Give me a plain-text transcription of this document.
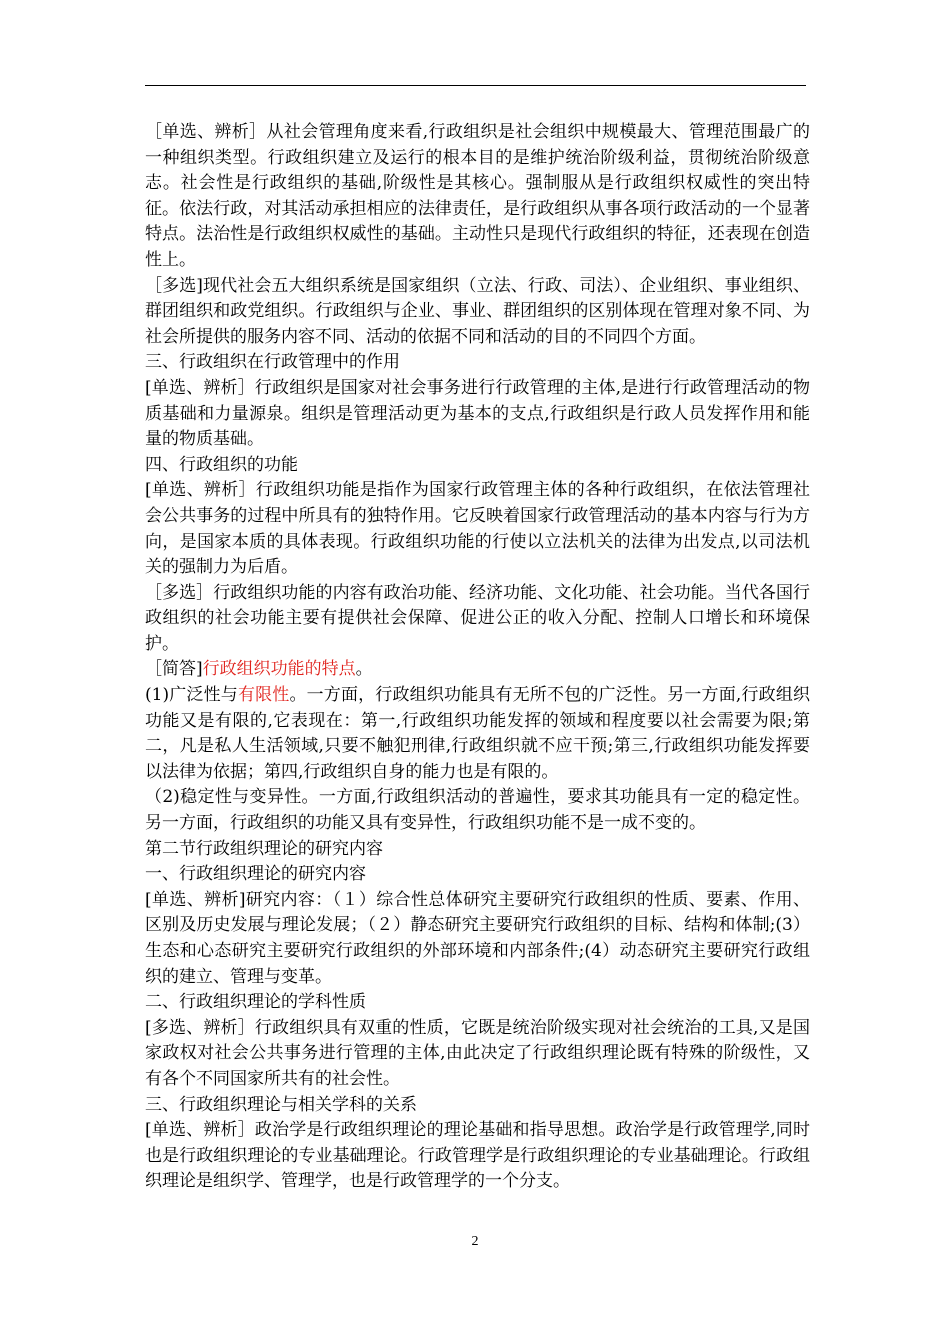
［单选、辨析］从社会管理角度来看,行政组织是社会组织中规模最大、管理范围最广的一种组织类型。行政组织建立及运行的根本目的是维护统治阶级利益，贯彻统治阶级意志。社会性是行政组织的基础,阶级性是其核心。强制服从是行政组织权威性的突出特征。依法行政，对其活动承担相应的法律责任，是行政组织从事各项行政活动的一个显著特点。法治性是行政组织权威性的基础。主动性只是现代行政组织的特征，还表现在创造性上。

［多选]现代社会五大组织系统是国家组织（立法、行政、司法）、企业组织、事业组织、群团组织和政党组织。行政组织与企业、事业、群团组织的区别体现在管理对象不同、为社会所提供的服务内容不同、活动的依据不同和活动的目的不同四个方面。

三、行政组织在行政管理中的作用

[单选、辨析］行政组织是国家对社会事务进行行政管理的主体,是进行行政管理活动的物质基础和力量源泉。组织是管理活动更为基本的支点,行政组织是行政人员发挥作用和能量的物质基础。

四、行政组织的功能

[单选、辨析］行政组织功能是指作为国家行政管理主体的各种行政组织，在依法管理社会公共事务的过程中所具有的独特作用。它反映着国家行政管理活动的基本内容与行为方向，是国家本质的具体表现。行政组织功能的行使以立法机关的法律为出发点,以司法机关的强制力为后盾。

［多选］行政组织功能的内容有政治功能、经济功能、文化功能、社会功能。当代各国行政组织的社会功能主要有提供社会保障、促进公正的收入分配、控制人口增长和环境保护。

［简答]行政组织功能的特点。

(1)广泛性与有限性。一方面，行政组织功能具有无所不包的广泛性。另一方面,行政组织功能又是有限的,它表现在：第一,行政组织功能发挥的领域和程度要以社会需要为限;第二，凡是私人生活领域,只要不触犯刑律,行政组织就不应干预;第三,行政组织功能发挥要以法律为依据；第四,行政组织自身的能力也是有限的。

（2)稳定性与变异性。一方面,行政组织活动的普遍性，要求其功能具有一定的稳定性。另一方面，行政组织的功能又具有变异性，行政组织功能不是一成不变的。

第二节行政组织理论的研究内容

一、行政组织理论的研究内容

[单选、辨析]研究内容：（１）综合性总体研究主要研究行政组织的性质、要素、作用、区别及历史发展与理论发展；（２）静态研究主要研究行政组织的目标、结构和体制;(3）生态和心态研究主要研究行政组织的外部环境和内部条件;(4）动态研究主要研究行政组织的建立、管理与变革。

二、行政组织理论的学科性质

[多选、辨析］行政组织具有双重的性质，它既是统治阶级实现对社会统治的工具,又是国家政权对社会公共事务进行管理的主体,由此决定了行政组织理论既有特殊的阶级性，又有各个不同国家所共有的社会性。

三、行政组织理论与相关学科的关系

[单选、辨析］政治学是行政组织理论的理论基础和指导思想。政治学是行政管理学,同时也是行政组织理论的专业基础理论。行政管理学是行政组织理论的专业基础理论。行政组织理论是组织学、管理学，也是行政管理学的一个分支。

2
